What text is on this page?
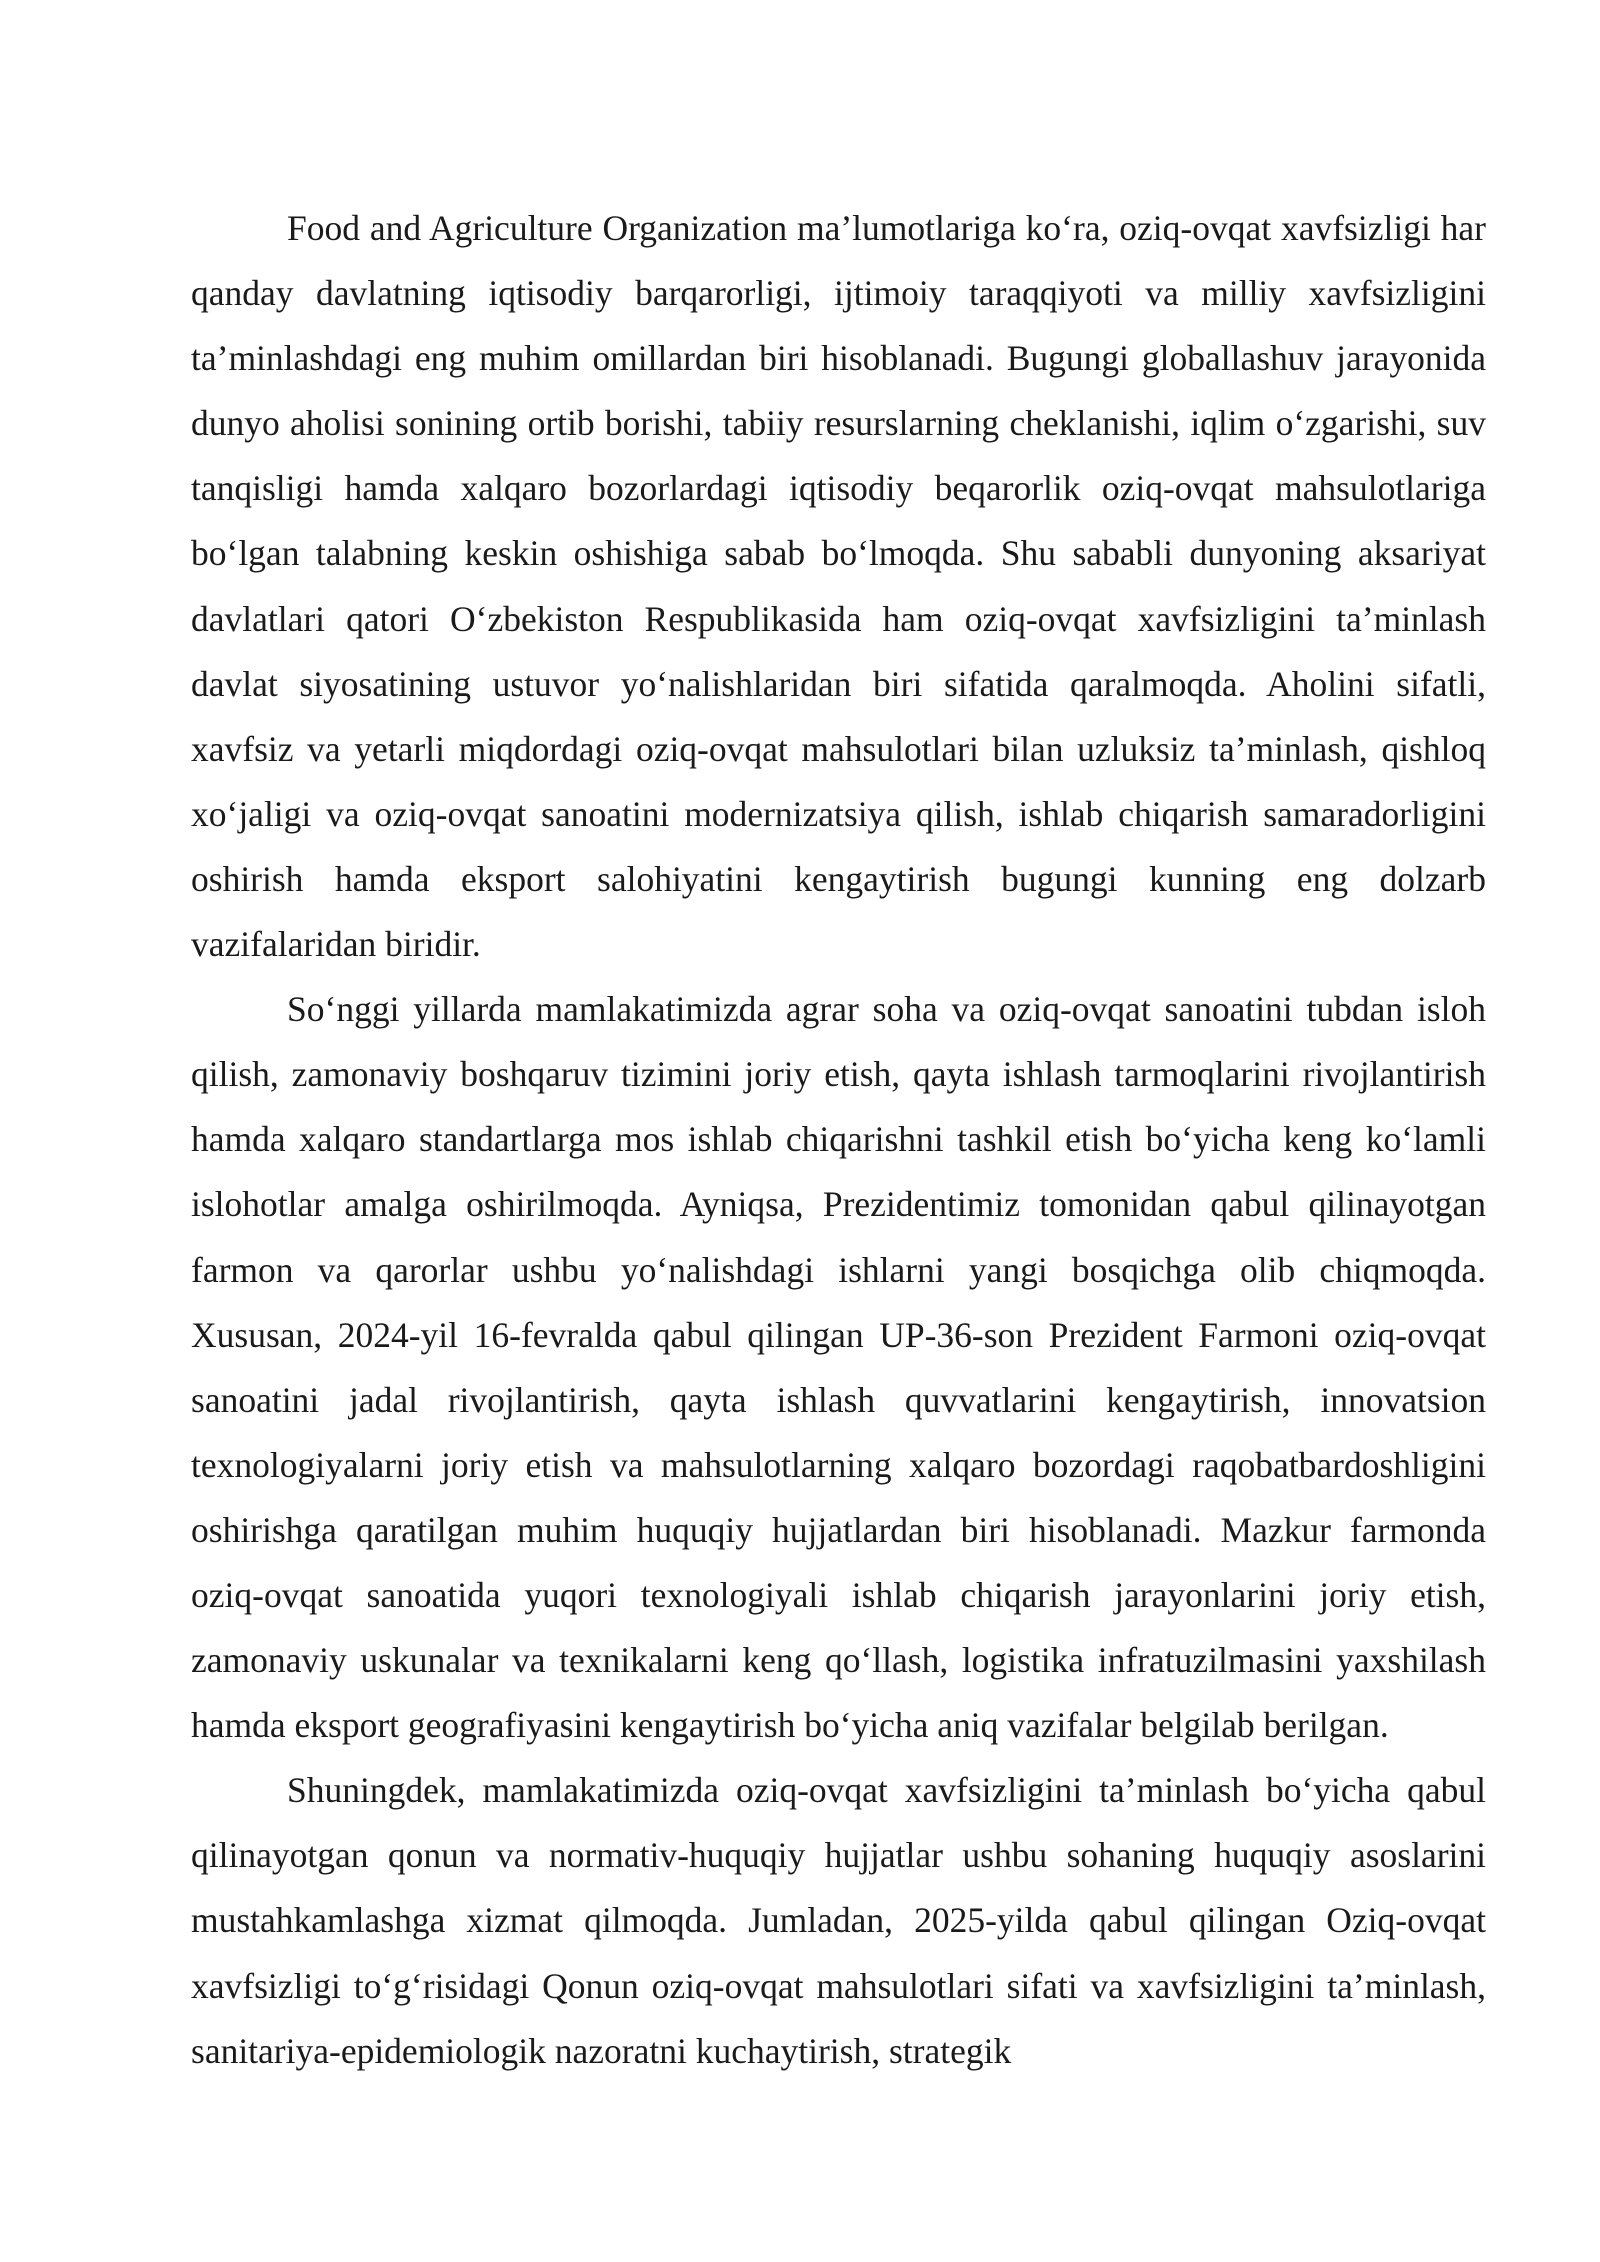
Food and Agriculture Organization ma’lumotlariga ko‘ra, oziq-ovqat xavfsizligi har qanday davlatning iqtisodiy barqarorligi, ijtimoiy taraqqiyoti va milliy xavfsizligini ta’minlashdagi eng muhim omillardan biri hisoblanadi. Bugungi globallashuv jarayonida dunyo aholisi sonining ortib borishi, tabiiy resurslarning cheklanishi, iqlim o‘zgarishi, suv tanqisligi hamda xalqaro bozorlardagi iqtisodiy beqarorlik oziq-ovqat mahsulotlariga bo‘lgan talabning keskin oshishiga sabab bo‘lmoqda. Shu sababli dunyoning aksariyat davlatlari qatori O‘zbekiston Respublikasida ham oziq-ovqat xavfsizligini ta’minlash davlat siyosatining ustuvor yo‘nalishlaridan biri sifatida qaralmoqda. Aholini sifatli, xavfsiz va yetarli miqdordagi oziq-ovqat mahsulotlari bilan uzluksiz ta’minlash, qishloq xo‘jaligi va oziq-ovqat sanoatini modernizatsiya qilish, ishlab chiqarish samaradorligini oshirish hamda eksport salohiyatini kengaytirish bugungi kunning eng dolzarb vazifalaridan biridir.

So‘nggi yillarda mamlakatimizda agrar soha va oziq-ovqat sanoatini tubdan isloh qilish, zamonaviy boshqaruv tizimini joriy etish, qayta ishlash tarmoqlarini rivojlantirish hamda xalqaro standartlarga mos ishlab chiqarishni tashkil etish bo‘yicha keng ko‘lamli islohotlar amalga oshirilmoqda. Ayniqsa, Prezidentimiz tomonidan qabul qilinayotgan farmon va qarorlar ushbu yo‘nalishdagi ishlarni yangi bosqichga olib chiqmoqda. Xususan, 2024-yil 16-fevralda qabul qilingan UP-36-son Prezident Farmoni oziq-ovqat sanoatini jadal rivojlantirish, qayta ishlash quvvatlarini kengaytirish, innovatsion texnologiyalarni joriy etish va mahsulotlarning xalqaro bozordagi raqobatbardoshligini oshirishga qaratilgan muhim huquqiy hujjatlardan biri hisoblanadi. Mazkur farmonda oziq-ovqat sanoatida yuqori texnologiyali ishlab chiqarish jarayonlarini joriy etish, zamonaviy uskunalar va texnikalarni keng qo‘llash, logistika infratuzilmasini yaxshilash hamda eksport geografiyasini kengaytirish bo‘yicha aniq vazifalar belgilab berilgan.

Shuningdek, mamlakatimizda oziq-ovqat xavfsizligini ta’minlash bo‘yicha qabul qilinayotgan qonun va normativ-huquqiy hujjatlar ushbu sohaning huquqiy asoslarini mustahkamlashga xizmat qilmoqda. Jumladan, 2025-yilda qabul qilingan Oziq-ovqat xavfsizligi to‘g‘risidagi Qonun oziq-ovqat mahsulotlari sifati va xavfsizligini ta’minlash, sanitariya-epidemiologik nazoratni kuchaytirish, strategik
